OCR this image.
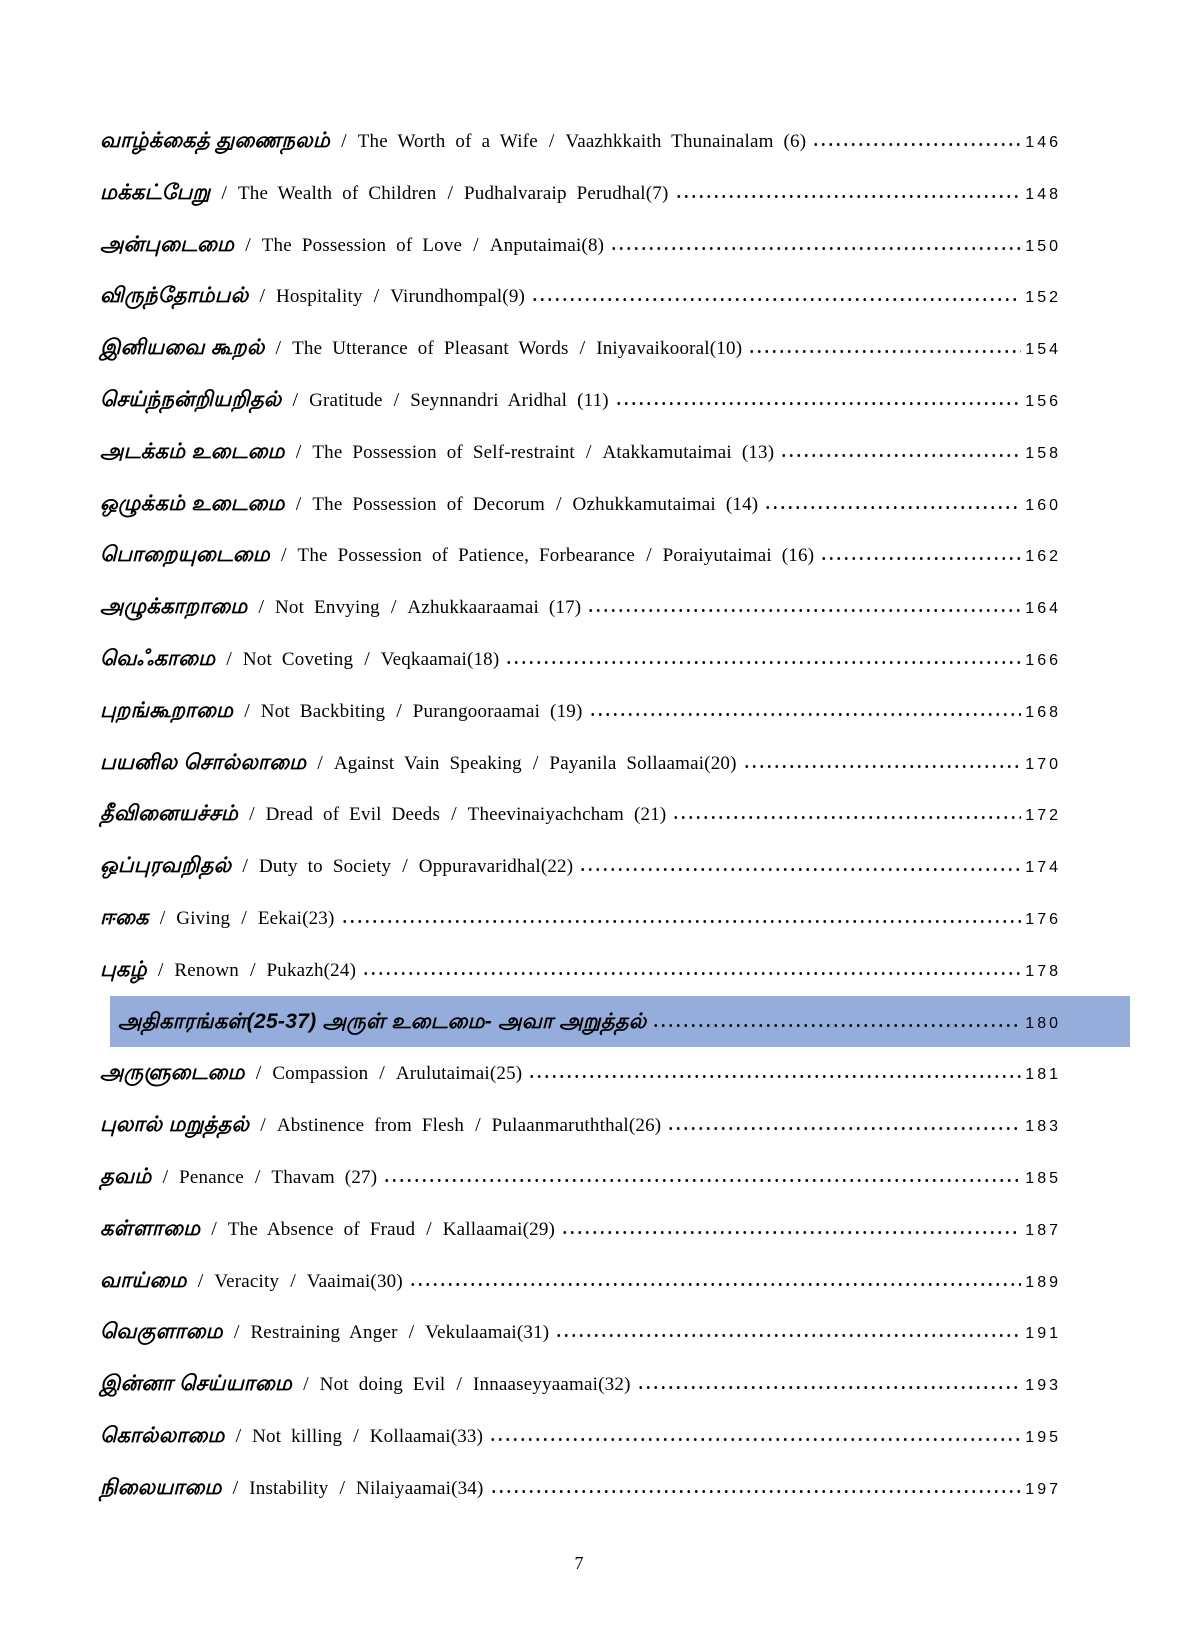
வாழ்க்கைத் துணைநலம் / The Worth of a Wife / Vaazhkkaith Thunainalam (6)	146
மக்கட்பேறு / The Wealth of Children / Pudhalvaraip Perudhal(7)	148
அன்புடைமை / The Possession of Love / Anputaimai(8)	150
விருந்தோம்பல் / Hospitality / Virundhompal(9)	152
இனியவை கூறல் / The Utterance of Pleasant Words / Iniyavaikooral(10)	154
செய்ந்நன்றியறிதல் / Gratitude / Seynnandri Aridhal (11)	156
அடக்கம் உடைமை / The Possession of Self-restraint / Atakkamutaimai (13)	158
ஒழுக்கம் உடைமை / The Possession of Decorum / Ozhukkamutaimai (14)	160
பொறையுடைமை / The Possession of Patience, Forbearance / Poraiyutaimai (16)	162
அழுக்காறாமை / Not Envying / Azhukkaaraamai (17)	164
வெஃகாமை / Not Coveting / Veqkaamai(18)	166
புறங்கூறாமை / Not Backbiting / Purangooraamai (19)	168
பயனில சொல்லாமை / Against Vain Speaking / Payanila Sollaamai(20)	170
தீவினையச்சம் / Dread of Evil Deeds / Theevinaiyachcham (21)	172
ஒப்புரவறிதல் / Duty to Society / Oppuravaridhal(22)	174
ஈகை / Giving / Eekai(23)	176
புகழ் / Renown / Pukazh(24)	178
அதிகாரங்கள்(25-37) அருள் உடைமை- அவா அறுத்தல்	180
அருளுடைமை / Compassion / Arulutaimai(25)	181
புலால் மறுத்தல் / Abstinence from Flesh / Pulaanmaruththal(26)	183
தவம் / Penance / Thavam (27)	185
கள்ளாமை / The Absence of Fraud / Kallaamai(29)	187
வாய்மை / Veracity / Vaaimai(30)	189
வெகுளாமை / Restraining Anger / Vekulaamai(31)	191
இன்னா செய்யாமை / Not doing Evil / Innaaseyyaamai(32)	193
கொல்லாமை / Not killing / Kollaamai(33)	195
நிலையாமை / Instability / Nilaiyaamai(34)	197
7
